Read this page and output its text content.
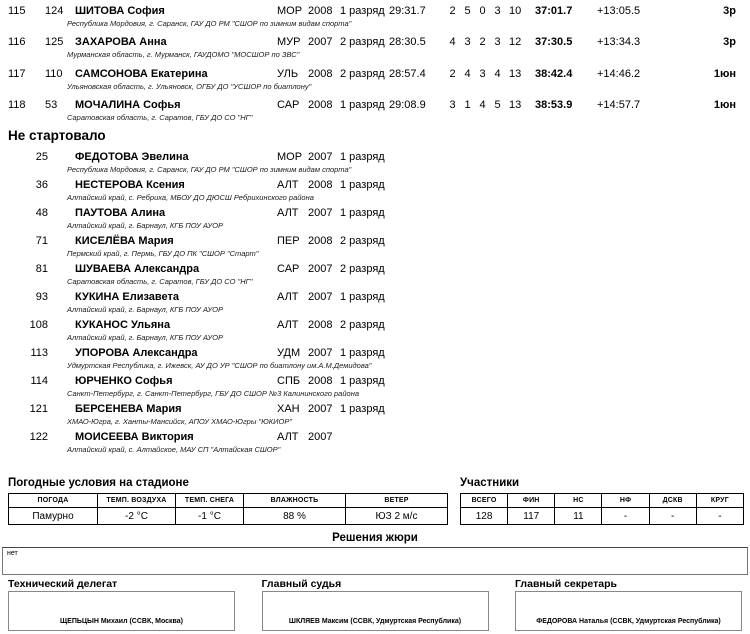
115	124	ШИТОВА София	МОР 2008 1 разряд 29:31.7	2 5 0 3 10	37:01.7	+13:05.5	3р
Республика Мордовия, г. Саранск, ГАУ ДО РМ "СШОР по зимним видам спорта"
116	125	ЗАХАРОВА Анна	МУР 2007 2 разряд 28:30.5	4 3 2 3 12	37:30.5	+13:34.3	3р
Мурманская область, г. Мурманск, ГАУДОМО "МОСШОР по ЗВС"
117	110	САМСОНОВА Екатерина	УЛЬ 2008 2 разряд 28:57.4	2 4 3 4 13	38:42.4	+14:46.2	1юн
Ульяновская область, г. Ульяновск, ОГБУ ДО "УСШОР по биатлону"
118	53	МОЧАЛИНА Софья	САР 2008 1 разряд 29:08.9	3 1 4 5 13	38:53.9	+14:57.7	1юн
Саратовская область, г. Саратов, ГБУ ДО СО "НГ"
Не стартовало
25 ФЕДОТОВА Эвелина	МОР 2007 1 разряд
Республика Мордовия, г. Саранск, ГАУ ДО РМ "СШОР по зимним видам спорта"
36 НЕСТЕРОВА Ксения	АЛТ 2008 1 разряд
Алтайский край, с. Ребриха, МБОУ ДО ДЮСШ Ребрихинского района
48 ПАУТОВА Алина	АЛТ 2007 1 разряд
Алтайский край, г. Барнаул, КГБ ПОУ АУОР
71 КИСЕЛЁВА Мария	ПЕР 2008 2 разряд
Пермский край, г. Пермь, ГБУ ДО ПК "СШОР "Старт"
81 ШУВАЕВА Александра	САР 2007 2 разряд
Саратовская область, г. Саратов, ГБУ ДО СО "НГ"
93 КУКИНА Елизавета	АЛТ 2007 1 разряд
Алтайский край, г. Барнаул, КГБ ПОУ АУОР
108 КУКАНОС Ульяна	АЛТ 2008 2 разряд
Алтайский край, г. Барнаул, КГБ ПОУ АУОР
113 УПОРОВА Александра	УДМ 2007 1 разряд
Удмуртская Республика, г. Ижевск, АУ ДО УР "СШОР по биатлону им.А.М.Демидова"
114 ЮРЧЕНКО Софья	СПБ 2008 1 разряд
Санкт-Петербург, г. Санкт-Петербург, ГБУ ДО СШОР №3 Калининского района
121 БЕРСЕНЕВА Мария	ХАН 2007 1 разряд
ХМАО-Югра, г. Ханты-Мансийск, АПОУ ХМАО-Югры "ЮКИОР"
122 МОИСЕЕВА Виктория	АЛТ 2007
Алтайский край, с. Алтайское, МАУ СП "Алтайская СШОР"
Погодные условия на стадионе
ПОГОДА	ТЕМП. ВОЗДУХА	ТЕМП. СНЕГА	ВЛАЖНОСТЬ	ВЕТЕР
Памурно	-2 °C	-1 °C	88 %	ЮЗ 2 м/с
Участники
ВСЕГО	ФИН	НС	НФ	ДСКВ	КРУГ
128	117	11	-	-	-
Решения жюри
нет
Технический делегат
ЩЕПЬЦЫН Михаил (ССВК, Москва)
Главный судья
ШКЛЯЕВ Максим (ССВК, Удмуртская Республика)
Главный секретарь
ФЕДОРОВА Наталья (ССВК, Удмуртская Республика)
